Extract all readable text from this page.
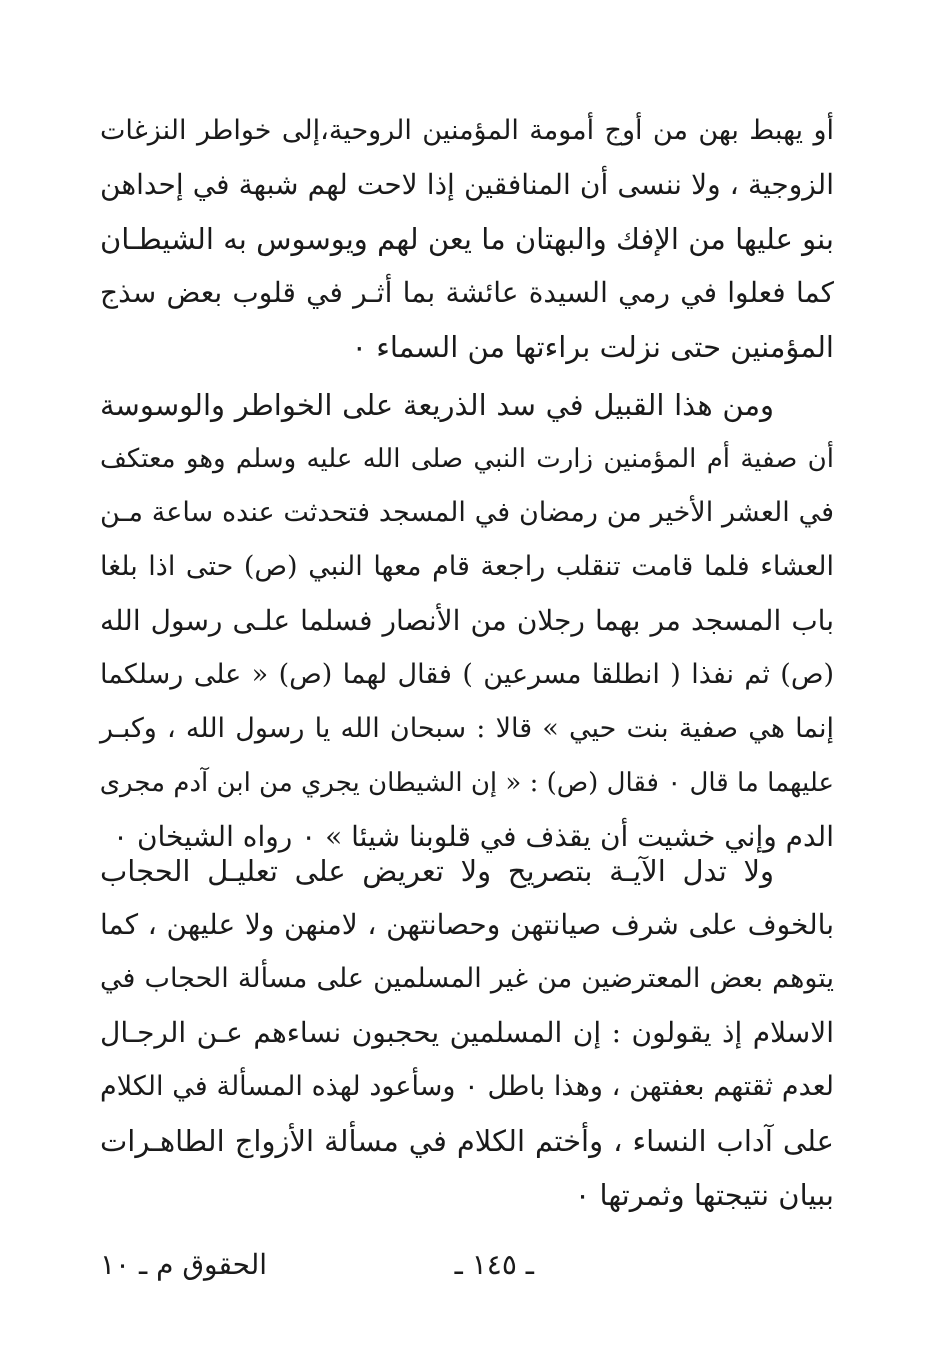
أو يهبط بهن من أوج أمومة المؤمنين الروحية،إلى خواطر النزغات
الزوجية ، ولا ننسى أن المنافقين إذا لاحت لهم شبهة في إحداهن
بنو عليها من الإفك والبهتان ما يعن لهم ويوسوس به الشيطـان
كما فعلوا في رمي السيدة عائشة بما أثـر في قلوب بعض سذج
المؤمنين حتى نزلت براءتها من السماء ٠
ومن هذا القبيل في سد الذريعة على الخواطر والوسوسة
أن صفية أم المؤمنين زارت النبي صلى الله عليه وسلم وهو معتكف
في العشر الأخير من رمضان في المسجد فتحدثت عنده ساعة مـن
العشاء فلما قامت تنقلب راجعة قام معها النبي (ص) حتى اذا بلغا
باب المسجد مر بهما رجلان من الأنصار فسلما علـى رسول الله
(ص) ثم نفذا ( انطلقا مسرعين ) فقال لهما (ص) « على رسلكما
إنما هي صفية بنت حيي » قالا : سبحان الله يا رسول الله ، وكبـر
عليهما ما قال ٠ فقال (ص) : « إن الشيطان يجري من ابن آدم مجرى
الدم وإني خشيت أن يقذف في قلوبنا شيئا » ٠ رواه الشيخان ٠
ولا تدل الآيـة بتصريح ولا تعريض على تعليـل الحجاب
بالخوف على شرف صيانتهن وحصانتهن ، لامنهن ولا عليهن ، كما
يتوهم بعض المعترضين من غير المسلمين على مسألة الحجاب في
الاسلام إذ يقولون : إن المسلمين يحجبون نساءهم عـن الرجـال
لعدم ثقتهم بعفتهن ، وهذا باطل ٠ وسأعود لهذه المسألة في الكلام
على آداب النساء ، وأختم الكلام في مسألة الأزواج الطاهـرات
ببيان نتيجتها وثمرتها ٠
ـ ١٤٥ ـ
الحقوق م ـ ١٠
